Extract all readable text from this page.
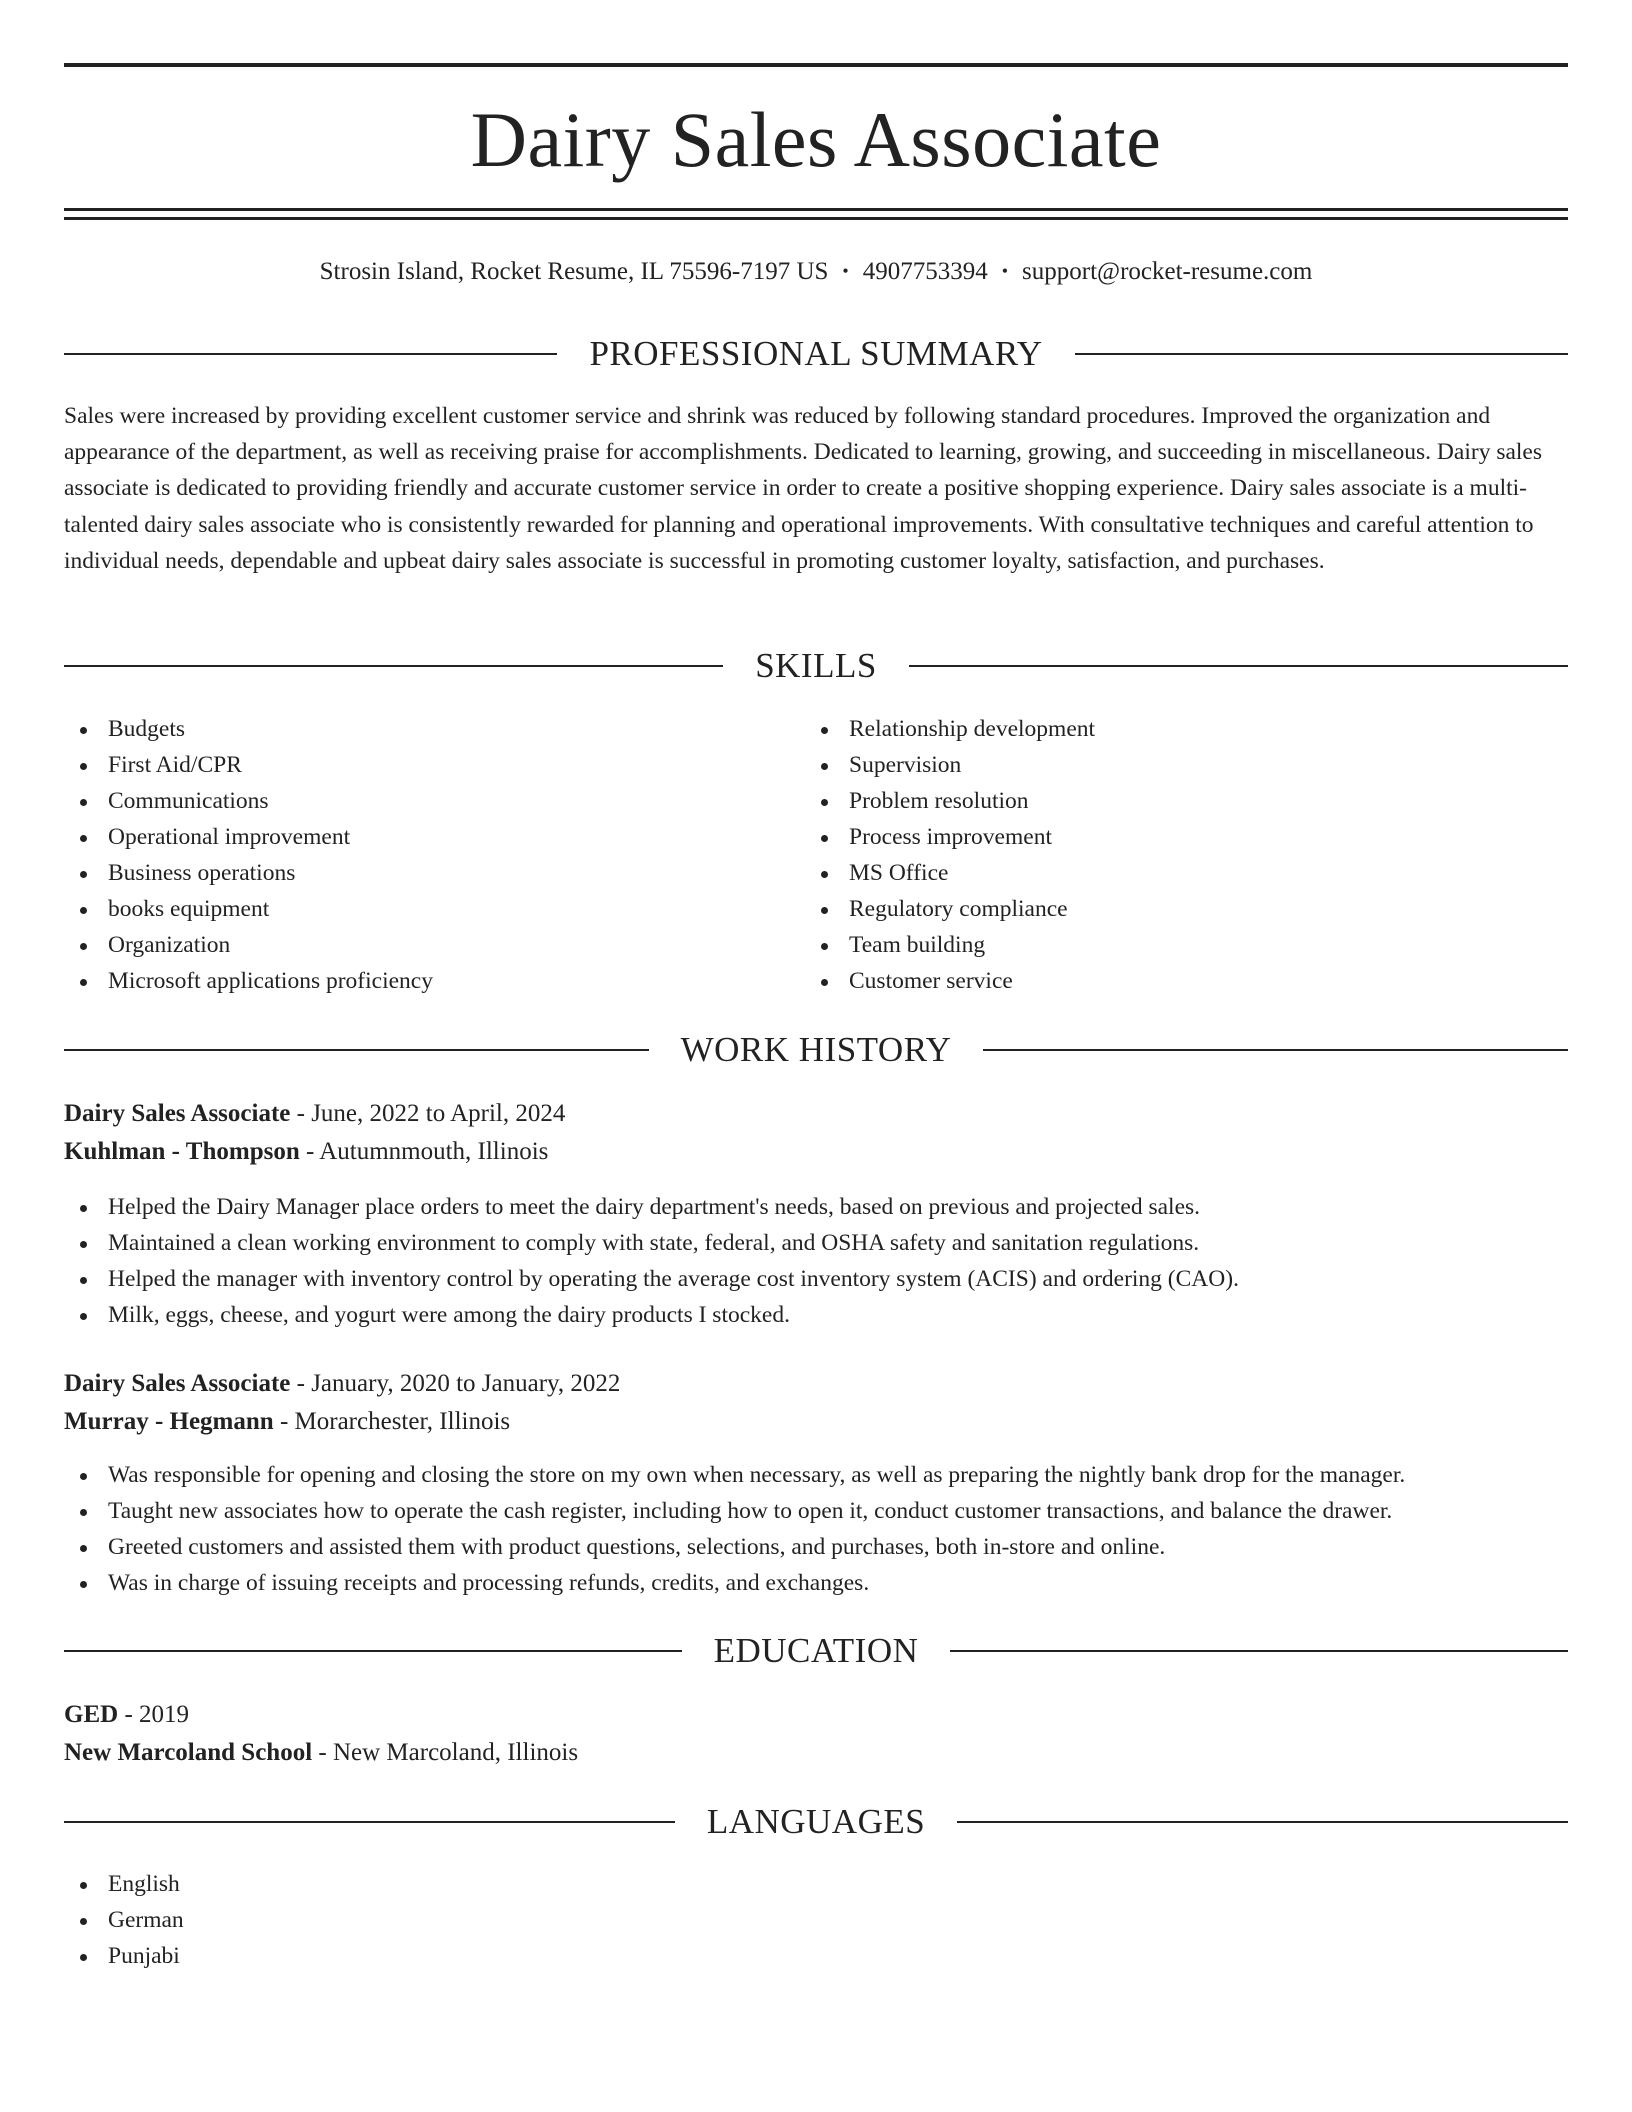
Dairy Sales Associate
Strosin Island, Rocket Resume, IL 75596-7197 US • 4907753394 • support@rocket-resume.com
PROFESSIONAL SUMMARY

Sales were increased by providing excellent customer service and shrink was reduced by following standard procedures. Improved the organization and appearance of the department, as well as receiving praise for accomplishments. Dedicated to learning, growing, and succeeding in miscellaneous. Dairy sales associate is dedicated to providing friendly and accurate customer service in order to create a positive shopping experience. Dairy sales associate is a multi-talented dairy sales associate who is consistently rewarded for planning and operational improvements. With consultative techniques and careful attention to individual needs, dependable and upbeat dairy sales associate is successful in promoting customer loyalty, satisfaction, and purchases.

SKILLS
Budgets
First Aid/CPR
Communications
Operational improvement
Business operations
books equipment
Organization
Microsoft applications proficiency
Relationship development
Supervision
Problem resolution
Process improvement
MS Office
Regulatory compliance
Team building
Customer service
WORK HISTORY
Dairy Sales Associate - June, 2022 to April, 2024
Kuhlman - Thompson - Autumnmouth, Illinois
Helped the Dairy Manager place orders to meet the dairy department's needs, based on previous and projected sales.
Maintained a clean working environment to comply with state, federal, and OSHA safety and sanitation regulations.
Helped the manager with inventory control by operating the average cost inventory system (ACIS) and ordering (CAO).
Milk, eggs, cheese, and yogurt were among the dairy products I stocked.
Dairy Sales Associate - January, 2020 to January, 2022
Murray - Hegmann - Morarchester, Illinois
Was responsible for opening and closing the store on my own when necessary, as well as preparing the nightly bank drop for the manager.
Taught new associates how to operate the cash register, including how to open it, conduct customer transactions, and balance the drawer.
Greeted customers and assisted them with product questions, selections, and purchases, both in-store and online.
Was in charge of issuing receipts and processing refunds, credits, and exchanges.
EDUCATION
GED - 2019
New Marcoland School - New Marcoland, Illinois
LANGUAGES
English
German
Punjabi
